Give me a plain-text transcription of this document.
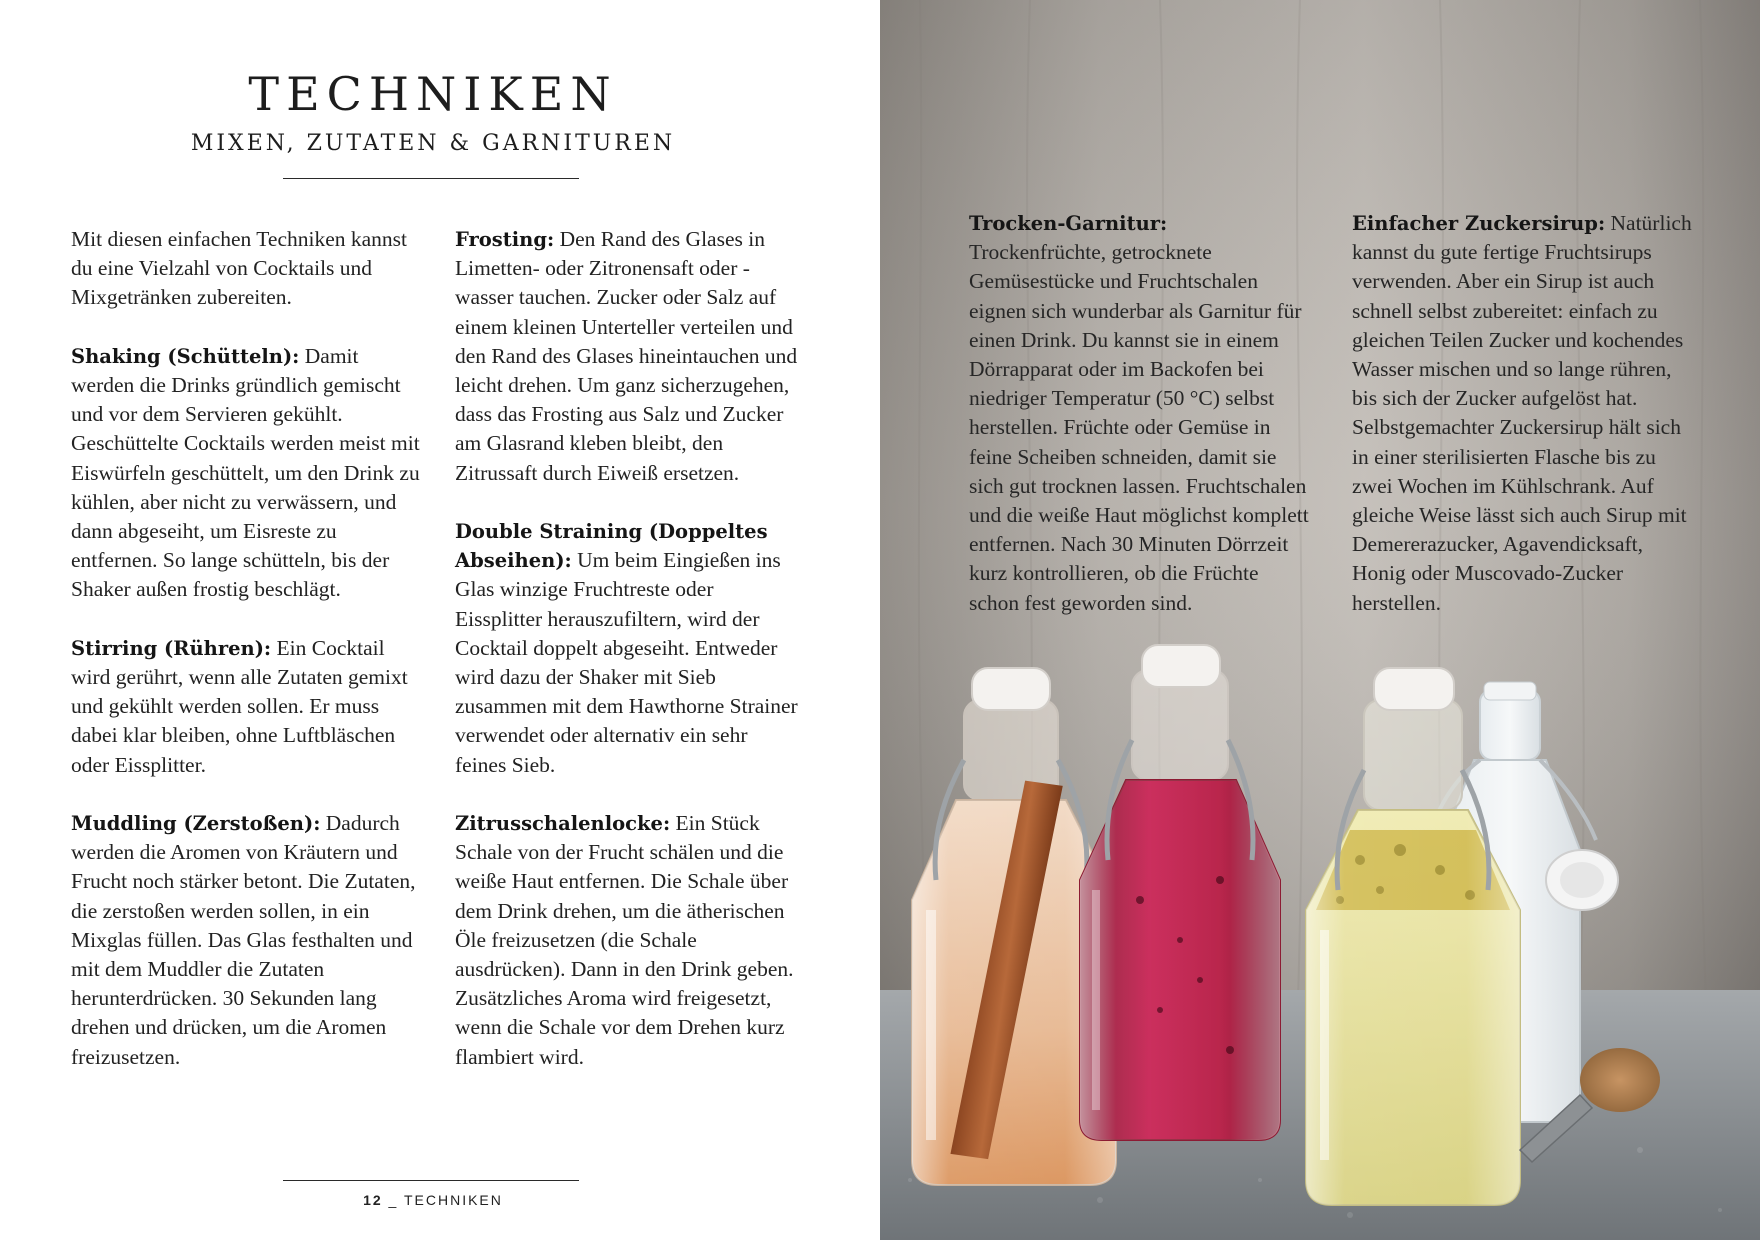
TECHNIKEN
MIXEN, ZUTATEN & GARNITUREN

Mit diesen einfachen Techniken kannst du eine Vielzahl von Cocktails und Mixgetränken zubereiten.

Shaking (Schütteln): Damit werden die Drinks gründlich gemischt und vor dem Servieren gekühlt. Geschüttelte Cocktails werden meist mit Eiswürfeln geschüttelt, um den Drink zu kühlen, aber nicht zu verwässern, und dann abgeseiht, um Eisreste zu entfernen. So lange schütteln, bis der Shaker außen frostig beschlägt.

Stirring (Rühren): Ein Cocktail wird gerührt, wenn alle Zutaten gemixt und gekühlt werden sollen. Er muss dabei klar bleiben, ohne Luftbläschen oder Eissplitter.

Muddling (Zerstoßen): Dadurch werden die Aromen von Kräutern und Frucht noch stärker betont. Die Zutaten, die zerstoßen werden sollen, in ein Mixglas füllen. Das Glas festhalten und mit dem Muddler die Zutaten herunterdrücken. 30 Sekunden lang drehen und drücken, um die Aromen freizusetzen.

Frosting: Den Rand des Glases in Limetten- oder Zitronensaft oder -wasser tauchen. Zucker oder Salz auf einem kleinen Unterteller verteilen und den Rand des Glases hineintauchen und leicht drehen. Um ganz sicherzugehen, dass das Frosting aus Salz und Zucker am Glasrand kleben bleibt, den Zitrussaft durch Eiweiß ersetzen.

Double Straining (Doppeltes Abseihen): Um beim Eingießen ins Glas winzige Fruchtreste oder Eissplitter herauszufiltern, wird der Cocktail doppelt abgeseiht. Entweder wird dazu der Shaker mit Sieb zusammen mit dem Hawthorne Strainer verwendet oder alternativ ein sehr feines Sieb.

Zitrusschalenlocke: Ein Stück Schale von der Frucht schälen und die weiße Haut entfernen. Die Schale über dem Drink drehen, um die ätherischen Öle freizusetzen (die Schale ausdrücken). Dann in den Drink geben. Zusätzliches Aroma wird freigesetzt, wenn die Schale vor dem Drehen kurz flambiert wird.

12 _ TECHNIKEN

Trocken-Garnitur: Trockenfrüchte, getrocknete Gemüsestücke und Fruchtschalen eignen sich wunderbar als Garnitur für einen Drink. Du kannst sie in einem Dörrapparat oder im Backofen bei niedriger Temperatur (50 °C) selbst herstellen. Früchte oder Gemüse in feine Scheiben schneiden, damit sie sich gut trocknen lassen. Fruchtschalen und die weiße Haut möglichst komplett entfernen. Nach 30 Minuten Dörrzeit kurz kontrollieren, ob die Früchte schon fest geworden sind.

Einfacher Zuckersirup: Natürlich kannst du gute fertige Fruchtsirups verwenden. Aber ein Sirup ist auch schnell selbst zubereitet: einfach zu gleichen Teilen Zucker und kochendes Wasser mischen und so lange rühren, bis sich der Zucker aufgelöst hat. Selbstgemachter Zuckersirup hält sich in einer sterilisierten Flasche bis zu zwei Wochen im Kühlschrank. Auf gleiche Weise lässt sich auch Sirup mit Demererazucker, Agavendicksaft, Honig oder Muscovado-Zucker herstellen.
